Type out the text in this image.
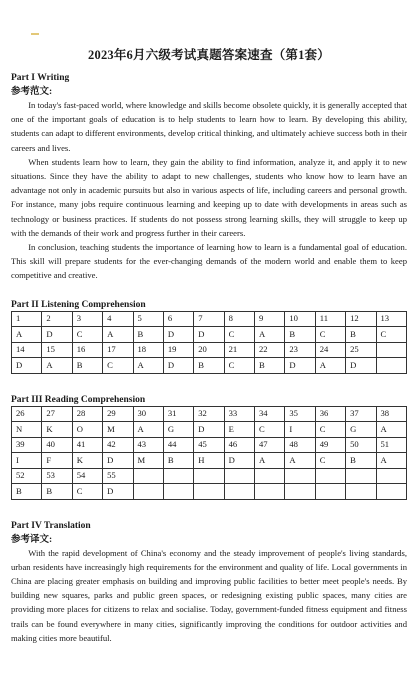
2023年6月六级考试真题答案速查（第1套）
Part I Writing
参考范文:

In today's fast-paced world, where knowledge and skills become obsolete quickly, it is generally accepted that one of the important goals of education is to help students to learn how to learn. By developing this ability, students can adapt to different environments, develop critical thinking, and ultimately achieve success both in their careers and lives.

When students learn how to learn, they gain the ability to find information, analyze it, and apply it to new situations. Since they have the ability to adapt to new challenges, students who know how to learn have an advantage not only in academic pursuits but also in various aspects of life, including careers and personal growth. For instance, many jobs require continuous learning and keeping up to date with developments in areas such as technology or business practices. If students do not possess strong learning skills, they will struggle to keep up with the demands of their work and progress further in their careers.

In conclusion, teaching students the importance of learning how to learn is a fundamental goal of education. This skill will prepare students for the ever-changing demands of the modern world and enable them to keep competitive and creative.

Part II Listening Comprehension
1	2	3	4	5	6	7	8	9	10	11	12	13
A	D	C	A	B	D	D	C	A	B	C	B	C
14	15	16	17	18	19	20	21	22	23	24	25	
D	A	B	C	A	D	B	C	B	D	A	D	
Part III Reading Comprehension
26	27	28	29	30	31	32	33	34	35	36	37	38
N	K	O	M	A	G	D	E	C	I	C	G	A
39	40	41	42	43	44	45	46	47	48	49	50	51
I	F	K	D	M	B	H	D	A	A	C	B	A
52	53	54	55									
B	B	C	D									
Part IV Translation
参考译文:

With the rapid development of China's economy and the steady improvement of people's living standards, urban residents have increasingly high requirements for the environment and quality of life. Local governments in China are placing greater emphasis on building and improving public facilities to better meet people's needs. By building new squares, parks and public green spaces, or redesigning existing public spaces, many cities are providing more places for citizens to relax and socialise. Today, government-funded fitness equipment and fitness trails can be found everywhere in many cities, significantly improving the conditions for outdoor activities and making cities more beautiful.
